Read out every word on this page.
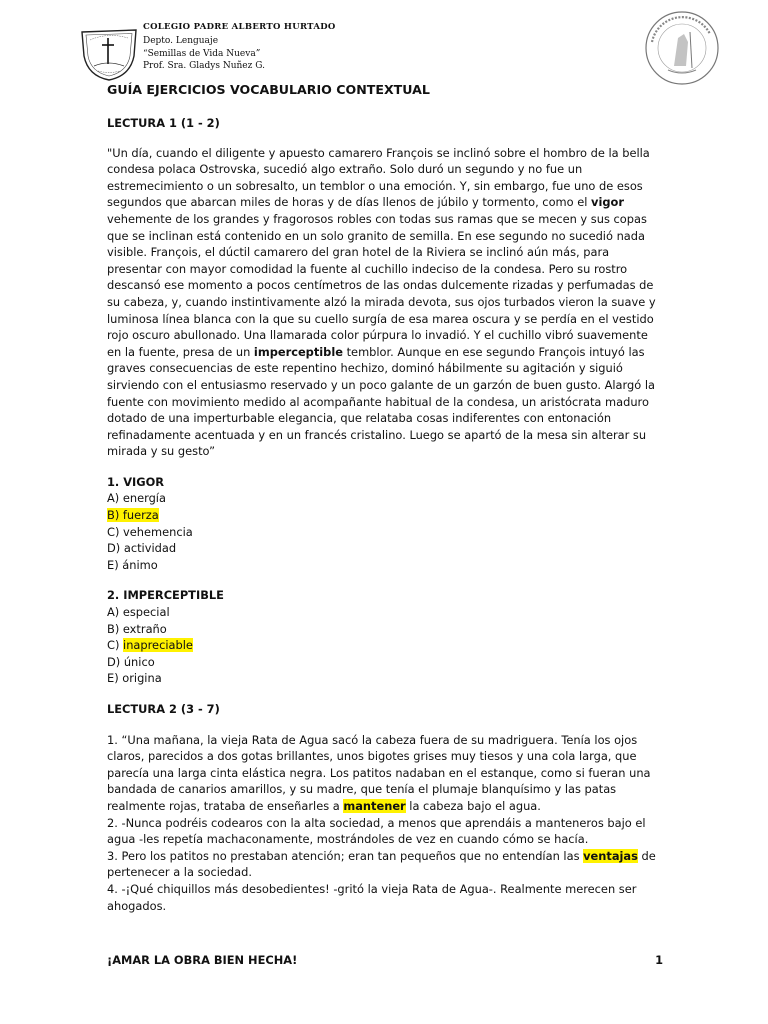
COLEGIO PADRE ALBERTO HURTADO
Depto. Lenguaje
“Semillas de Vida Nueva”
Prof. Sra. Gladys Nuñez G.

GUÍA EJERCICIOS VOCABULARIO CONTEXTUAL

LECTURA 1 (1 - 2)

"Un día, cuando el diligente y apuesto camarero François se inclinó sobre el hombro de la bella condesa polaca Ostrovska, sucedió algo extraño. Solo duró un segundo y no fue un estremecimiento o un sobresalto, un temblor o una emoción. Y, sin embargo, fue uno de esos segundos que abarcan miles de horas y de días llenos de júbilo y tormento, como el vigor vehemente de los grandes y fragorosos robles con todas sus ramas que se mecen y sus copas que se inclinan está contenido en un solo granito de semilla. En ese segundo no sucedió nada visible. François, el dúctil camarero del gran hotel de la Riviera se inclinó aún más, para presentar con mayor comodidad la fuente al cuchillo indeciso de la condesa. Pero su rostro descansó ese momento a pocos centímetros de las ondas dulcemente rizadas y perfumadas de su cabeza, y, cuando instintivamente alzó la mirada devota, sus ojos turbados vieron la suave y luminosa línea blanca con la que su cuello surgía de esa marea oscura y se perdía en el vestido rojo oscuro abullonado. Una llamarada color púrpura lo invadió. Y el cuchillo vibró suavemente en la fuente, presa de un imperceptible temblor. Aunque en ese segundo François intuyó las graves consecuencias de este repentino hechizo, dominó hábilmente su agitación y siguió sirviendo con el entusiasmo reservado y un poco galante de un garzón de buen gusto. Alargó la fuente con movimiento medido al acompañante habitual de la condesa, un aristócrata maduro dotado de una imperturbable elegancia, que relataba cosas indiferentes con entonación refinadamente acentuada y en un francés cristalino. Luego se apartó de la mesa sin alterar su mirada y su gesto”

1. VIGOR

A) energía

B) fuerza

C) vehemencia

D) actividad

E) ánimo

2. IMPERCEPTIBLE

A) especial

B) extraño

C) inapreciable

D) único

E) origina

LECTURA 2 (3 - 7)

1. “Una mañana, la vieja Rata de Agua sacó la cabeza fuera de su madriguera. Tenía los ojos claros, parecidos a dos gotas brillantes, unos bigotes grises muy tiesos y una cola larga, que parecía una larga cinta elástica negra. Los patitos nadaban en el estanque, como si fueran una bandada de canarios amarillos, y su madre, que tenía el plumaje blanquísimo y las patas realmente rojas, trataba de enseñarles a mantener la cabeza bajo el agua.

2. -Nunca podréis codearos con la alta sociedad, a menos que aprendáis a manteneros bajo el agua -les repetía machaconamente, mostrándoles de vez en cuando cómo se hacía.

3. Pero los patitos no prestaban atención; eran tan pequeños que no entendían las ventajas de pertenecer a la sociedad.

4. -¡Qué chiquillos más desobedientes! -gritó la vieja Rata de Agua-. Realmente merecen ser ahogados.

¡AMAR LA OBRA BIEN HECHA!	1
